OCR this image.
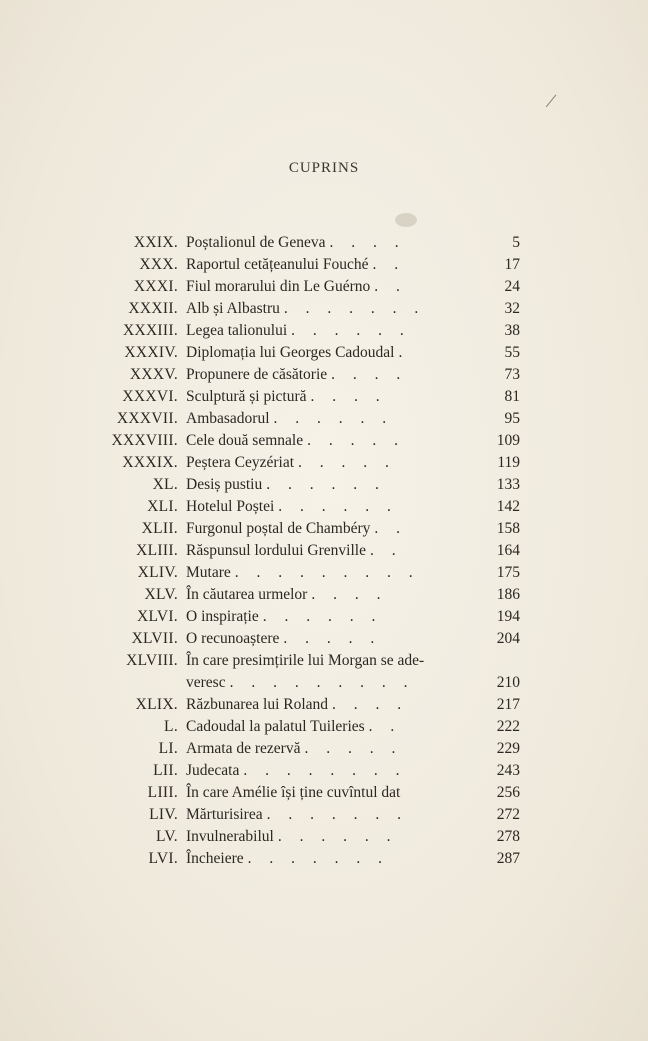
/
CUPRINS
XXIX. Poștalionul de Geneva . . . .	5
XXX. Raportul cetățeanului Fouché . .	17
XXXI. Fiul morarului din Le Guérno . .	24
XXXII. Alb și Albastru . . . . . . .	32
XXXIII. Legea talionului . . . . . .	38
XXXIV. Diplomația lui Georges Cadoudal .	55
XXXV. Propunere de căsătorie . . . .	73
XXXVI. Sculptură și pictură . . . .	81
XXXVII. Ambasadorul . . . . . .	95
XXXVIII. Cele două semnale . . . . .	109
XXXIX. Peștera Ceyzériat . . . . .	119
XL. Desiș pustiu . . . . . .	133
XLI. Hotelul Poștei . . . . . .	142
XLII. Furgonul poștal de Chambéry . .	158
XLIII. Răspunsul lordului Grenville . .	164
XLIV. Mutare . . . . . . . . .	175
XLV. În căutarea urmelor . . . .	186
XLVI. O inspirație . . . . . .	194
XLVII. O recunoaștere . . . . .	204
XLVIII. În care presimțirile lui Morgan se ade-
veresc . . . . . . . . .	210
XLIX. Răzbunarea lui Roland . . . .	217
L. Cadoudal la palatul Tuileries . .	222
LI. Armata de rezervă . . . . .	229
LII. Judecata . . . . . . . .	243
LIII. În care Amélie își ține cuvîntul dat	256
LIV. Mărturisirea . . . . . . .	272
LV. Invulnerabilul . . . . . .	278
LVI. Încheiere . . . . . . .	287
